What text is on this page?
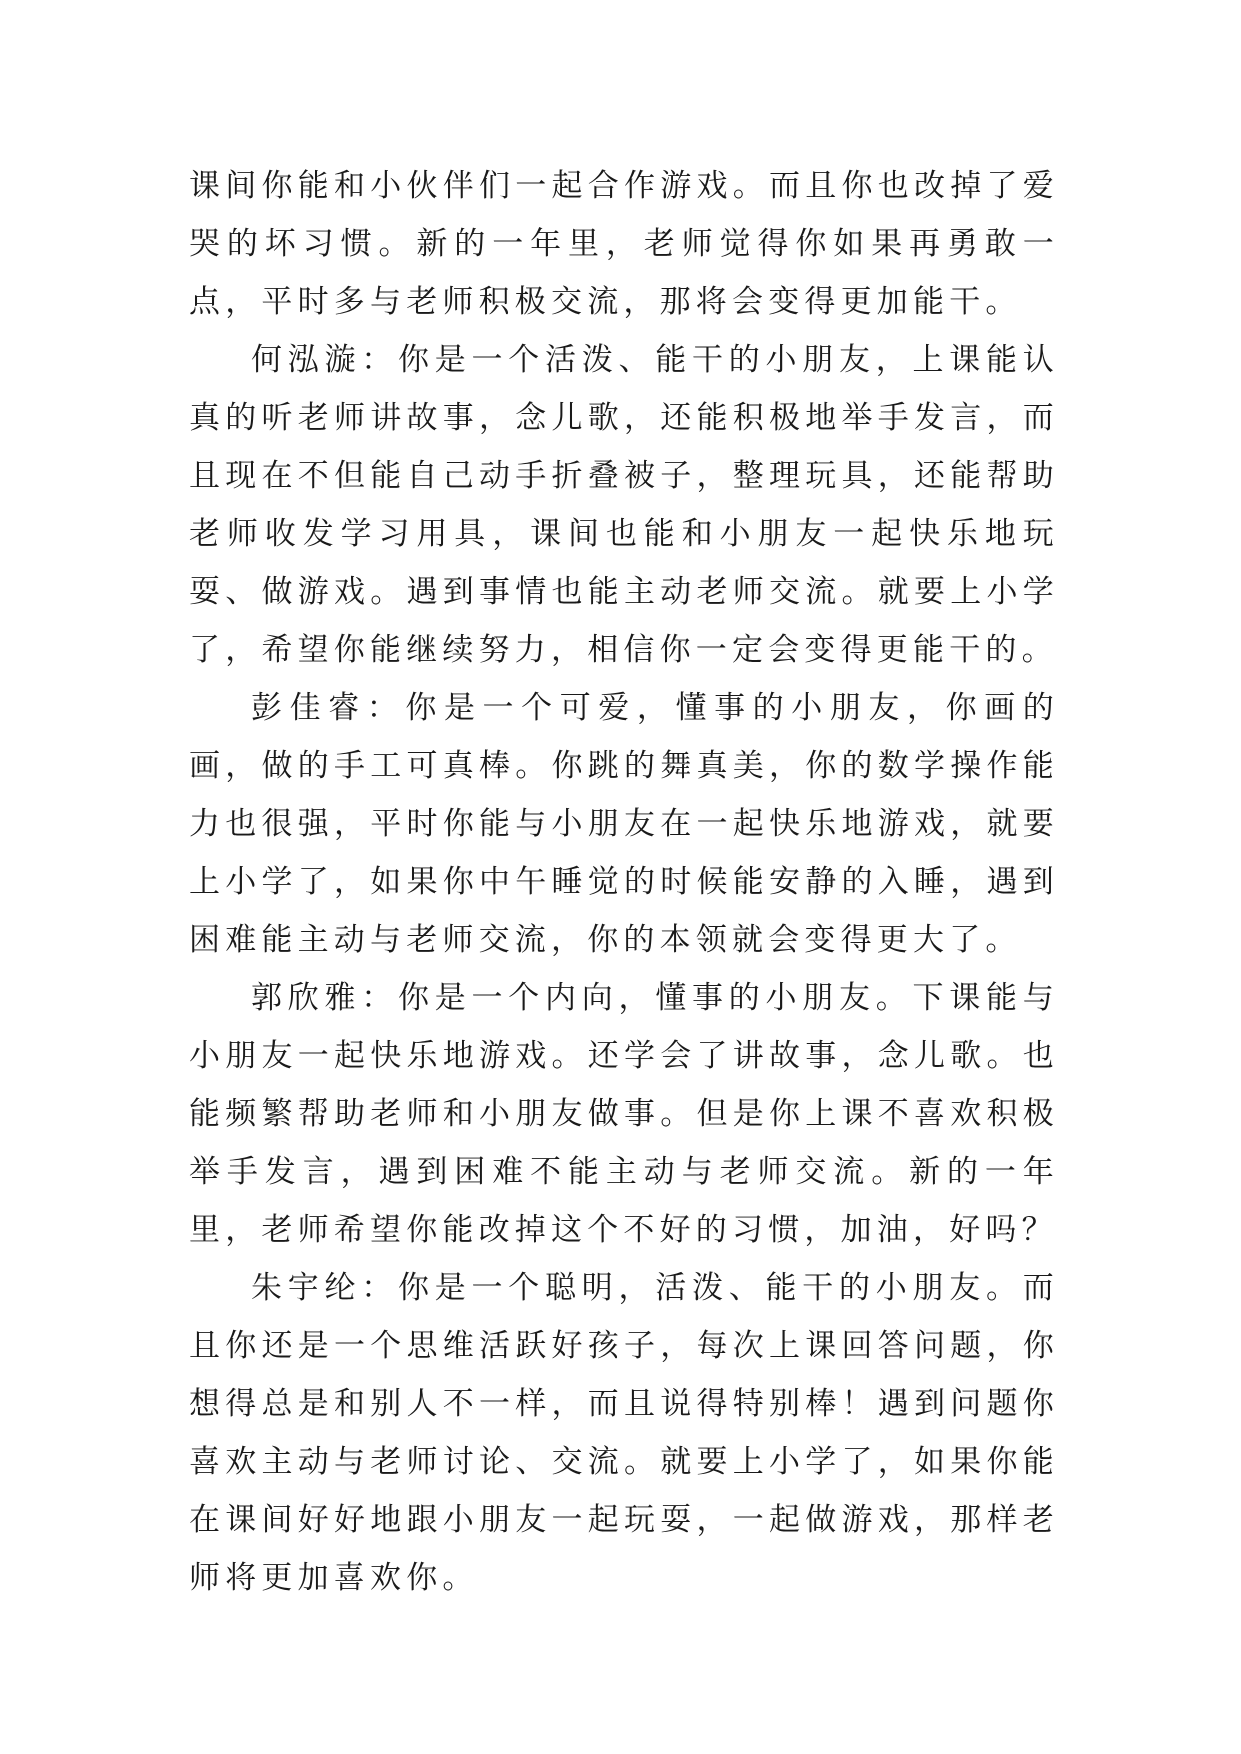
课间你能和小伙伴们一起合作游戏。而且你也改掉了爱哭的坏习惯。新的一年里，老师觉得你如果再勇敢一点，平时多与老师积极交流，那将会变得更加能干。

何泓漩：你是一个活泼、能干的小朋友，上课能认真的听老师讲故事，念儿歌，还能积极地举手发言，而且现在不但能自己动手折叠被子，整理玩具，还能帮助老师收发学习用具，课间也能和小朋友一起快乐地玩耍、做游戏。遇到事情也能主动老师交流。就要上小学了，希望你能继续努力，相信你一定会变得更能干的。

彭佳睿：你是一个可爱，懂事的小朋友，你画的画，做的手工可真棒。你跳的舞真美，你的数学操作能力也很强，平时你能与小朋友在一起快乐地游戏，就要上小学了，如果你中午睡觉的时候能安静的入睡，遇到困难能主动与老师交流，你的本领就会变得更大了。

郭欣雅：你是一个内向，懂事的小朋友。下课能与小朋友一起快乐地游戏。还学会了讲故事，念儿歌。也能频繁帮助老师和小朋友做事。但是你上课不喜欢积极举手发言，遇到困难不能主动与老师交流。新的一年里，老师希望你能改掉这个不好的习惯，加油，好吗？

朱宇纶：你是一个聪明，活泼、能干的小朋友。而且你还是一个思维活跃好孩子，每次上课回答问题，你想得总是和别人不一样，而且说得特别棒！遇到问题你喜欢主动与老师讨论、交流。就要上小学了，如果你能在课间好好地跟小朋友一起玩耍，一起做游戏，那样老师将更加喜欢你。
